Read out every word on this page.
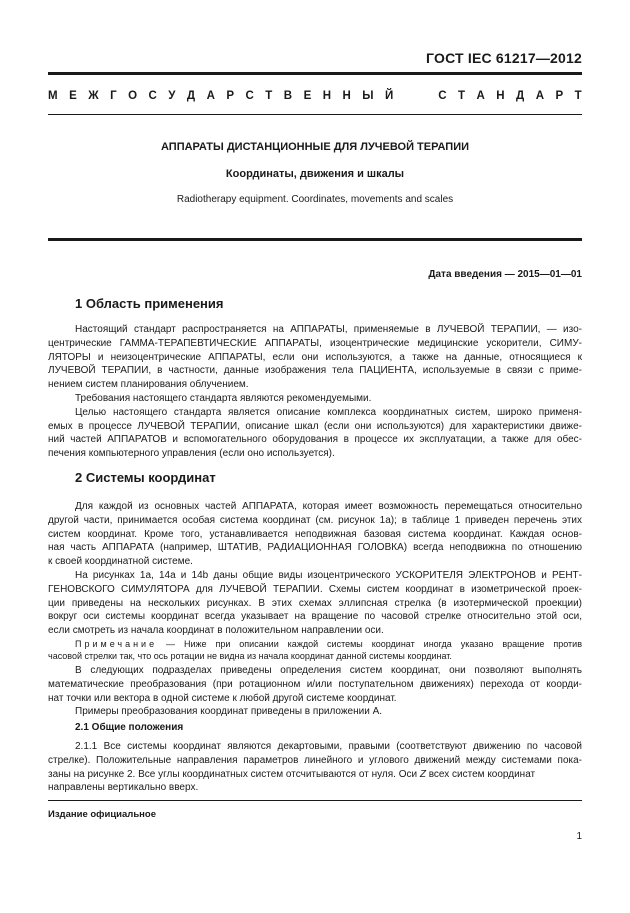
ГОСТ IEC 61217—2012
М Е Ж Г О С У Д А Р С Т В Е Н Н Ы Й	С Т А Н Д А Р Т
АППАРАТЫ ДИСТАНЦИОННЫЕ ДЛЯ ЛУЧЕВОЙ ТЕРАПИИ
Координаты, движения и шкалы
Radiotherapy equipment. Coordinates, movements and scales
Дата введения — 2015—01—01
1 Область применения
Настоящий стандарт распространяется на АППАРАТЫ, применяемые в ЛУЧЕВОЙ ТЕРАПИИ, — изо-
центрические ГАММА-ТЕРАПЕВТИЧЕСКИЕ АППАРАТЫ, изоцентрические медицинские ускорители, СИМУ-
ЛЯТОРЫ и неизоцентрические АППАРАТЫ, если они используются, а также на данные, относящиеся к
ЛУЧЕВОЙ ТЕРАПИИ, в частности, данные изображения тела ПАЦИЕНТА, используемые в связи с приме-
нением систем планирования облучением.
Требования настоящего стандарта являются рекомендуемыми.
Целью настоящего стандарта является описание комплекса координатных систем, широко применя-
емых в процессе ЛУЧЕВОЙ ТЕРАПИИ, описание шкал (если они используются) для характеристики движе-
ний частей АППАРАТОВ и вспомогательного оборудования в процессе их эксплуатации, а также для обес-
печения компьютерного управления (если оно используется).
2 Системы координат
Для каждой из основных частей АППАРАТА, которая имеет возможность перемещаться относительно
другой части, принимается особая система координат (см. рисунок 1а); в таблице 1 приведен перечень этих
систем координат. Кроме того, устанавливается неподвижная базовая система координат. Каждая основ-
ная часть АППАРАТА (например, ШТАТИВ, РАДИАЦИОННАЯ ГОЛОВКА) всегда неподвижна по отношению
к своей координатной системе.
На рисунках 1а, 14а и 14b даны общие виды изоцентрического УСКОРИТЕЛЯ ЭЛЕКТРОНОВ и РЕНТ-
ГЕНОВСКОГО СИМУЛЯТОРА для ЛУЧЕВОЙ ТЕРАПИИ. Схемы систем координат в изометрической проек-
ции приведены на нескольких рисунках. В этих схемах эллипсная стрелка (в изотермической проекции)
вокруг оси системы координат всегда указывает на вращение по часовой стрелке относительно этой оси,
если смотреть из начала координат в положительном направлении оси.
Примечание — Ниже при описании каждой системы координат иногда указано вращение против
часовой стрелки так, что ось ротации не видна из начала координат данной системы координат.
В следующих подразделах приведены определения систем координат, они позволяют выполнять
математические преобразования (при ротационном и/или поступательном движениях) перехода от коорди-
нат точки или вектора в одной системе к любой другой системе координат.
Примеры преобразования координат приведены в приложении А.
2.1 Общие положения
2.1.1 Все системы координат являются декартовыми, правыми (соответствуют движению по часовой
стрелке). Положительные направления параметров линейного и углового движений между системами пока-
заны на рисунке 2. Все углы координатных систем отсчитываются от нуля. Оси Z всех систем координат
направлены вертикально вверх.
Издание официальное
1
